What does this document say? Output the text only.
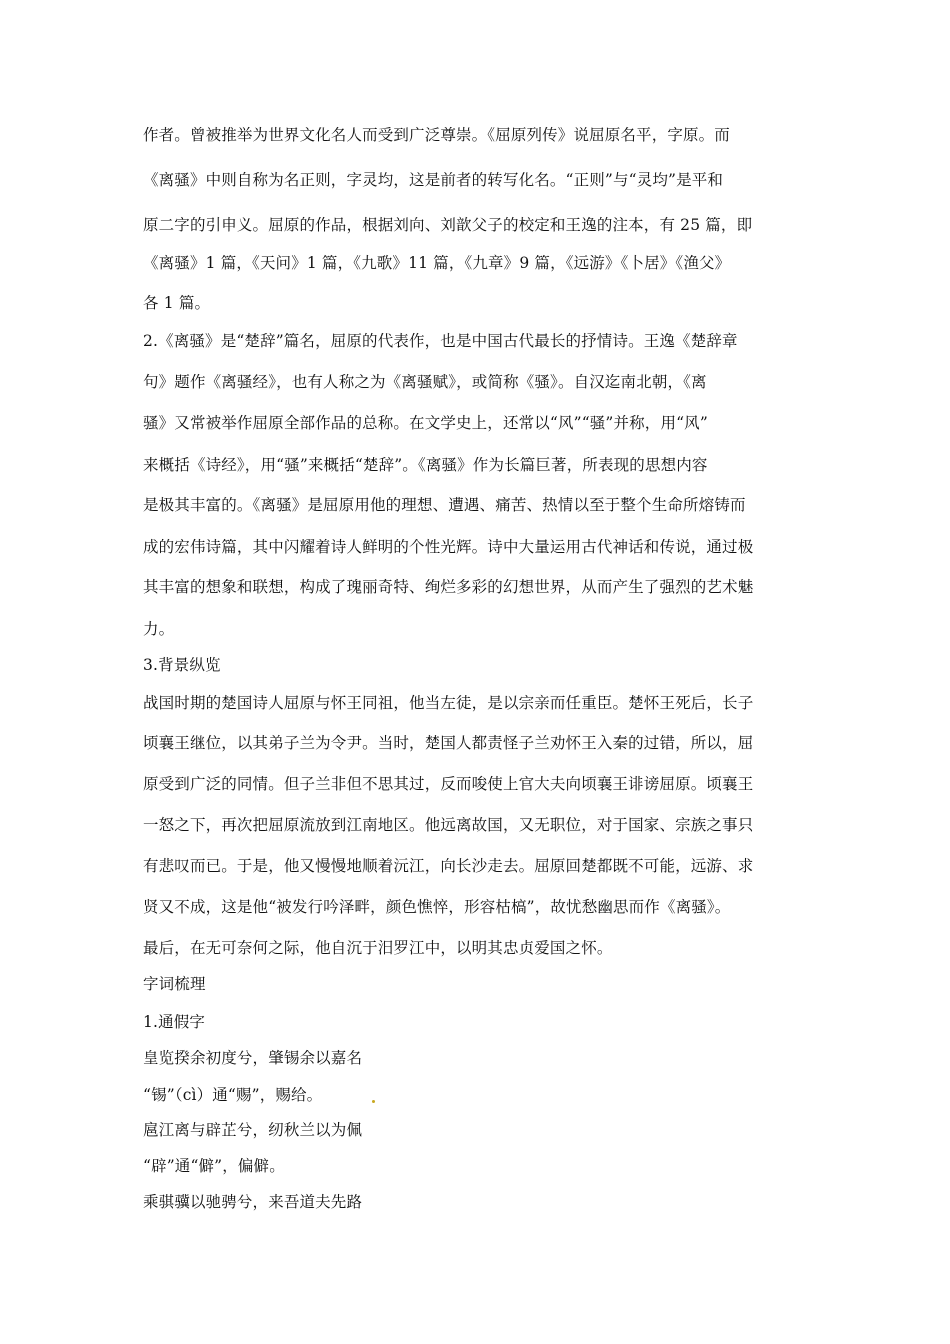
作者。曾被推举为世界文化名人而受到广泛尊崇。《屈原列传》说屈原名平，字原。而
《离骚》中则自称为名正则，字灵均，这是前者的转写化名。“正则”与“灵均”是平和
原二字的引申义。屈原的作品，根据刘向、刘歆父子的校定和王逸的注本，有 25 篇，即
《离骚》1 篇，《天问》1 篇，《九歌》11 篇，《九章》9 篇，《远游》《卜居》《渔父》
各 1 篇。
2.《离骚》是“楚辞”篇名，屈原的代表作，也是中国古代最长的抒情诗。王逸《楚辞章
句》题作《离骚经》，也有人称之为《离骚赋》，或简称《骚》。自汉迄南北朝，《离
骚》又常被举作屈原全部作品的总称。在文学史上，还常以“风”“骚”并称，用“风”
来概括《诗经》，用“骚”来概括“楚辞”。《离骚》作为长篇巨著，所表现的思想内容
是极其丰富的。《离骚》是屈原用他的理想、遭遇、痛苦、热情以至于整个生命所熔铸而
成的宏伟诗篇，其中闪耀着诗人鲜明的个性光辉。诗中大量运用古代神话和传说，通过极
其丰富的想象和联想，构成了瑰丽奇特、绚烂多彩的幻想世界，从而产生了强烈的艺术魅
力。
3.背景纵览
战国时期的楚国诗人屈原与怀王同祖，他当左徒，是以宗亲而任重臣。楚怀王死后，长子
顷襄王继位，以其弟子兰为令尹。当时，楚国人都责怪子兰劝怀王入秦的过错，所以，屈
原受到广泛的同情。但子兰非但不思其过，反而唆使上官大夫向顷襄王诽谤屈原。顷襄王
一怒之下，再次把屈原流放到江南地区。他远离故国，又无职位，对于国家、宗族之事只
有悲叹而已。于是，他又慢慢地顺着沅江，向长沙走去。屈原回楚都既不可能，远游、求
贤又不成，这是他“被发行吟泽畔，颜色憔悴，形容枯槁”，故忧愁幽思而作《离骚》。
最后，在无可奈何之际，他自沉于汨罗江中，以明其忠贞爱国之怀。
字词梳理
1.通假字
皇览揆余初度兮，肇锡余以嘉名
“锡”（cì）通“赐”，赐给。
扈江离与辟芷兮，纫秋兰以为佩
“辟”通“僻”，偏僻。
乘骐骥以驰骋兮，来吾道夫先路
